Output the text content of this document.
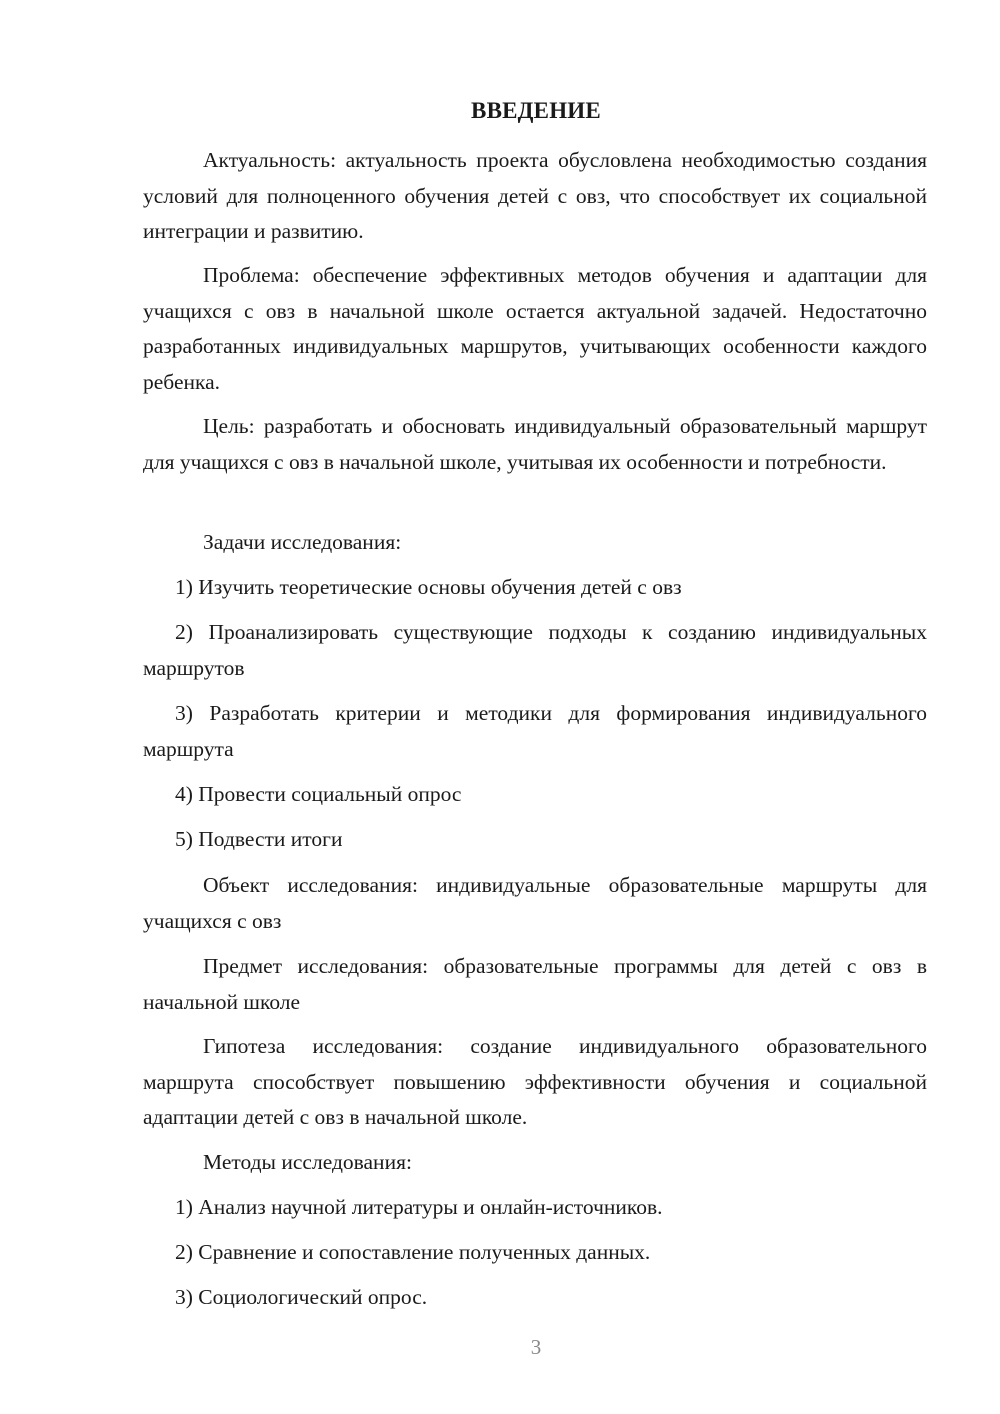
ВВЕДЕНИЕ
Актуальность: актуальность проекта обусловлена необходимостью создания условий для полноценного обучения детей с овз, что способствует их социальной интеграции и развитию.
Проблема: обеспечение эффективных методов обучения и адаптации для учащихся с овз в начальной школе остается актуальной задачей. Недостаточно разработанных индивидуальных маршрутов, учитывающих особенности каждого ребенка.
Цель: разработать и обосновать индивидуальный образовательный маршрут для учащихся с овз в начальной школе, учитывая их особенности и потребности.
Задачи исследования:
1) Изучить теоретические основы обучения детей с овз
2) Проанализировать существующие подходы к созданию индивидуальных маршрутов
3) Разработать критерии и методики для формирования индивидуального маршрута
4) Провести социальный опрос
5) Подвести итоги
Объект исследования: индивидуальные образовательные маршруты для учащихся с овз
Предмет исследования: образовательные программы для детей с овз в начальной школе
Гипотеза исследования: создание индивидуального образовательного маршрута способствует повышению эффективности обучения и социальной адаптации детей с овз в начальной школе.
Методы исследования:
1) Анализ научной литературы и онлайн-источников.
2) Сравнение и сопоставление полученных данных.
3) Социологический опрос.
3
